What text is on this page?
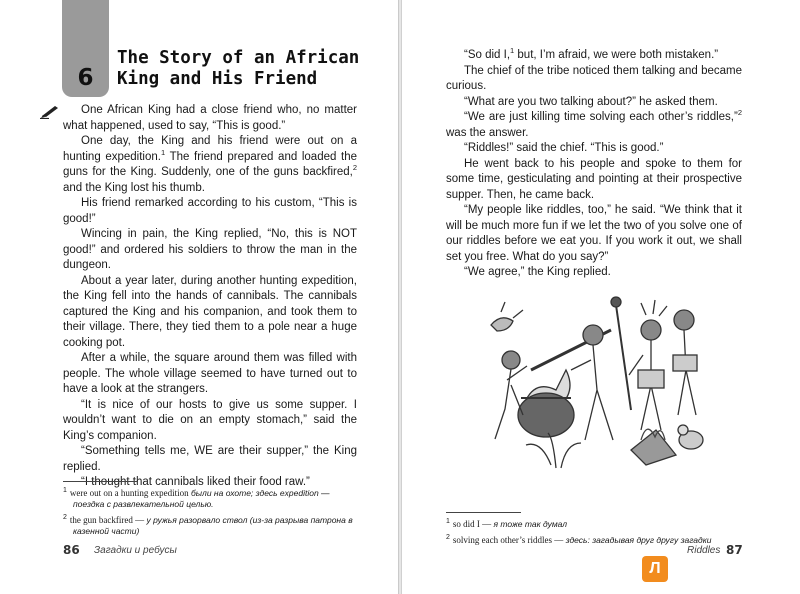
6
The Story of an African
King and His Friend

One African King had a close friend who, no matter what happened, used to say, “This is good.”

One day, the King and his friend were out on a hunting expedition.$^1$ The friend prepared and loaded the guns for the King. Suddenly, one of the guns backfired,$^2$ and the King lost his thumb.

His friend remarked according to his custom, “This is good!”

Wincing in pain, the King replied, “No, this is NOT good!” and ordered his soldiers to throw the man in the dungeon.

About a year later, during another hunting expedition, the King fell into the hands of cannibals. The cannibals captured the King and his companion, and took them to their village. There, they tied them to a pole near a huge cooking pot.

After a while, the square around them was filled with people. The whole village seemed to have turned out to have a look at the strangers.

“It is nice of our hosts to give us some supper. I wouldn’t want to die on an empty stomach,” said the King’s companion.

“Something tells me, WE are their supper,” the King replied.

“I thought that cannibals liked their food raw.”

$^1$ were out on a hunting expedition были на охоте; здесь expedition — поездка с развлекательной целью.

$^2$ the gun backfired — у ружья разорвало ствол (из-за разрыва патрона в казенной части)

86 Загадки и ребусы

“So did I,$^1$ but, I’m afraid, we were both mistaken.”

The chief of the tribe noticed them talking and became curious.

“What are you two talking about?” he asked them.

“We are just killing time solving each other’s riddles,”$^2$ was the answer.

“Riddles!” said the chief. “This is good.”

He went back to his people and spoke to them for some time, gesticulating and pointing at their prospective supper. Then, he came back.

“My people like riddles, too,” he said. “We think that it will be much more fun if we let the two of you solve one of our riddles before we eat you. If you work it out, we shall set you free. What do you say?”

“We agree,” the King replied.

$^1$ so did I — я тоже так думал

$^2$ solving each other’s riddles — здесь: загадывая друг другу загадки

Riddles 87
Л
